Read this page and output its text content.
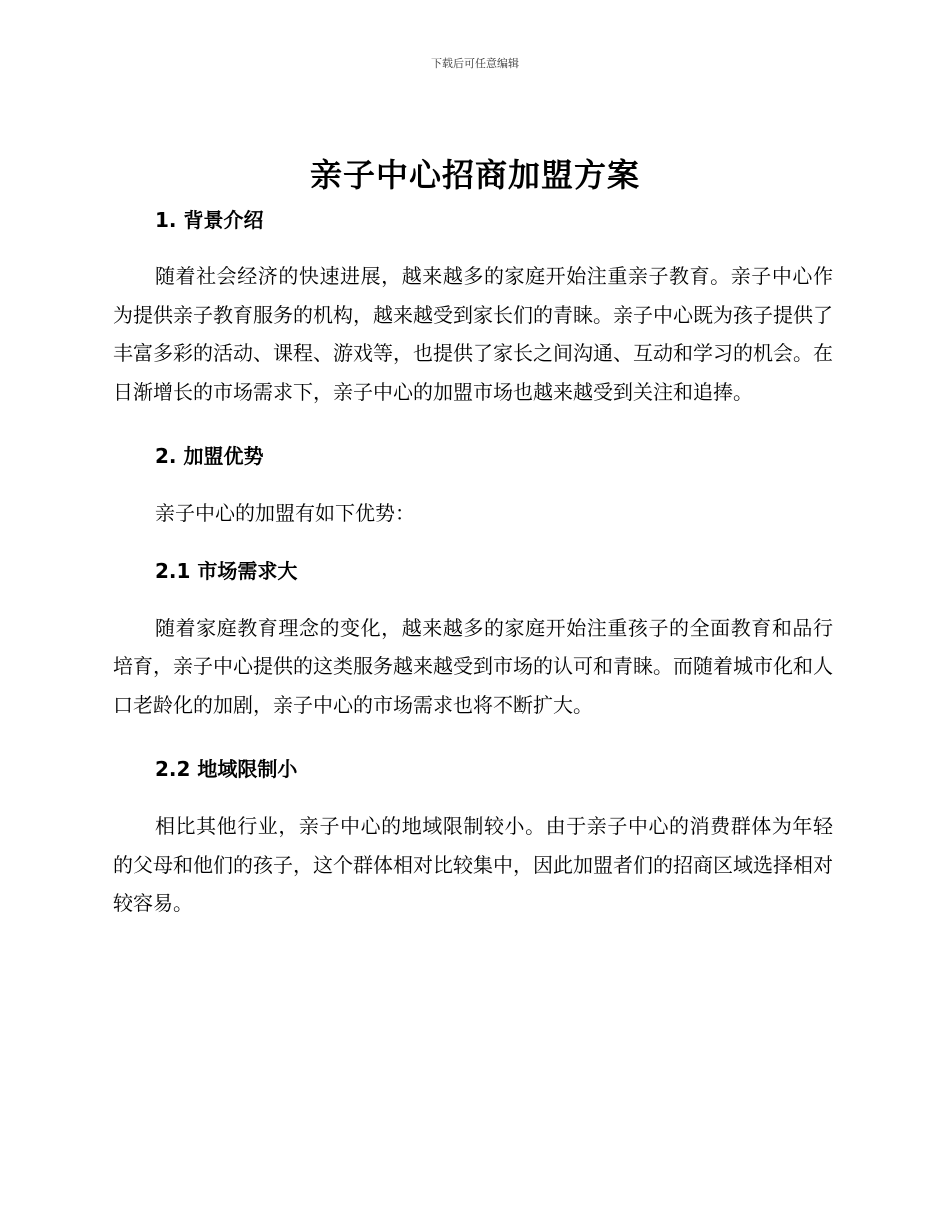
下载后可任意编辑
亲子中心招商加盟方案
1. 背景介绍

随着社会经济的快速进展，越来越多的家庭开始注重亲子教育。亲子中心作为提供亲子教育服务的机构，越来越受到家长们的青睐。亲子中心既为孩子提供了丰富多彩的活动、课程、游戏等，也提供了家长之间沟通、互动和学习的机会。在日渐增长的市场需求下，亲子中心的加盟市场也越来越受到关注和追捧。

2. 加盟优势

亲子中心的加盟有如下优势：

2.1 市场需求大

随着家庭教育理念的变化，越来越多的家庭开始注重孩子的全面教育和品行培育，亲子中心提供的这类服务越来越受到市场的认可和青睐。而随着城市化和人口老龄化的加剧，亲子中心的市场需求也将不断扩大。

2.2 地域限制小

相比其他行业，亲子中心的地域限制较小。由于亲子中心的消费群体为年轻的父母和他们的孩子，这个群体相对比较集中，因此加盟者们的招商区域选择相对较容易。
